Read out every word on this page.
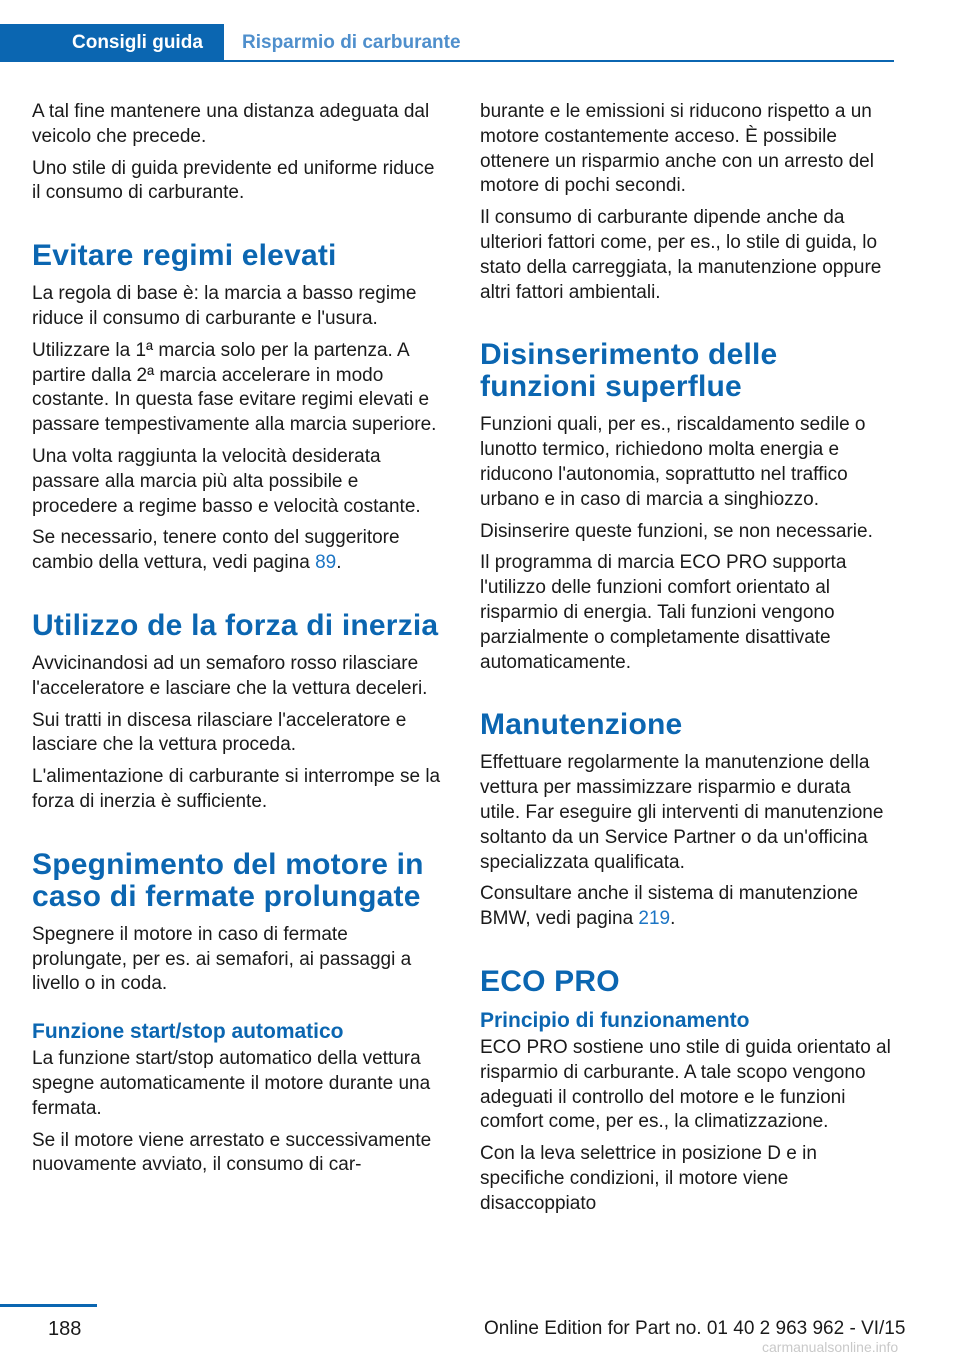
Consigli guida	Risparmio di carburante

A tal fine mantenere una distanza adeguata dal veicolo che precede.

Uno stile di guida previdente ed uniforme riduce il consumo di carburante.

Evitare regimi elevati

La regola di base è: la marcia a basso regime riduce il consumo di carburante e l'usura.

Utilizzare la 1ª marcia solo per la partenza. A partire dalla 2ª marcia accelerare in modo costante. In questa fase evitare regimi elevati e passare tempestivamente alla marcia superiore.

Una volta raggiunta la velocità desiderata passare alla marcia più alta possibile e procedere a regime basso e velocità costante.

Se necessario, tenere conto del suggeritore cambio della vettura, vedi pagina 89.

Utilizzo de la forza di inerzia

Avvicinandosi ad un semaforo rosso rilasciare l'acceleratore e lasciare che la vettura deceleri.

Sui tratti in discesa rilasciare l'acceleratore e lasciare che la vettura proceda.

L'alimentazione di carburante si interrompe se la forza di inerzia è sufficiente.

Spegnimento del motore in caso di fermate prolungate

Spegnere il motore in caso di fermate prolungate, per es. ai semafori, ai passaggi a livello o in coda.

Funzione start/stop automatico

La funzione start/stop automatico della vettura spegne automaticamente il motore durante una fermata.

Se il motore viene arrestato e successivamente nuovamente avviato, il consumo di car-

burante e le emissioni si riducono rispetto a un motore costantemente acceso. È possibile ottenere un risparmio anche con un arresto del motore di pochi secondi.

Il consumo di carburante dipende anche da ulteriori fattori come, per es., lo stile di guida, lo stato della carreggiata, la manutenzione oppure altri fattori ambientali.

Disinserimento delle funzioni superflue

Funzioni quali, per es., riscaldamento sedile o lunotto termico, richiedono molta energia e riducono l'autonomia, soprattutto nel traffico urbano e in caso di marcia a singhiozzo.

Disinserire queste funzioni, se non necessarie.

Il programma di marcia ECO PRO supporta l'utilizzo delle funzioni comfort orientato al risparmio di energia. Tali funzioni vengono parzialmente o completamente disattivate automaticamente.

Manutenzione

Effettuare regolarmente la manutenzione della vettura per massimizzare risparmio e durata utile. Far eseguire gli interventi di manutenzione soltanto da un Service Partner o da un'officina specializzata qualificata.

Consultare anche il sistema di manutenzione BMW, vedi pagina 219.

ECO PRO
Principio di funzionamento

ECO PRO sostiene uno stile di guida orientato al risparmio di carburante. A tale scopo vengono adeguati il controllo del motore e le funzioni comfort come, per es., la climatizzazione.

Con la leva selettrice in posizione D e in specifiche condizioni, il motore viene disaccoppiato

188	Online Edition for Part no. 01 40 2 963 962 - VI/15
carmanualsonline.info
